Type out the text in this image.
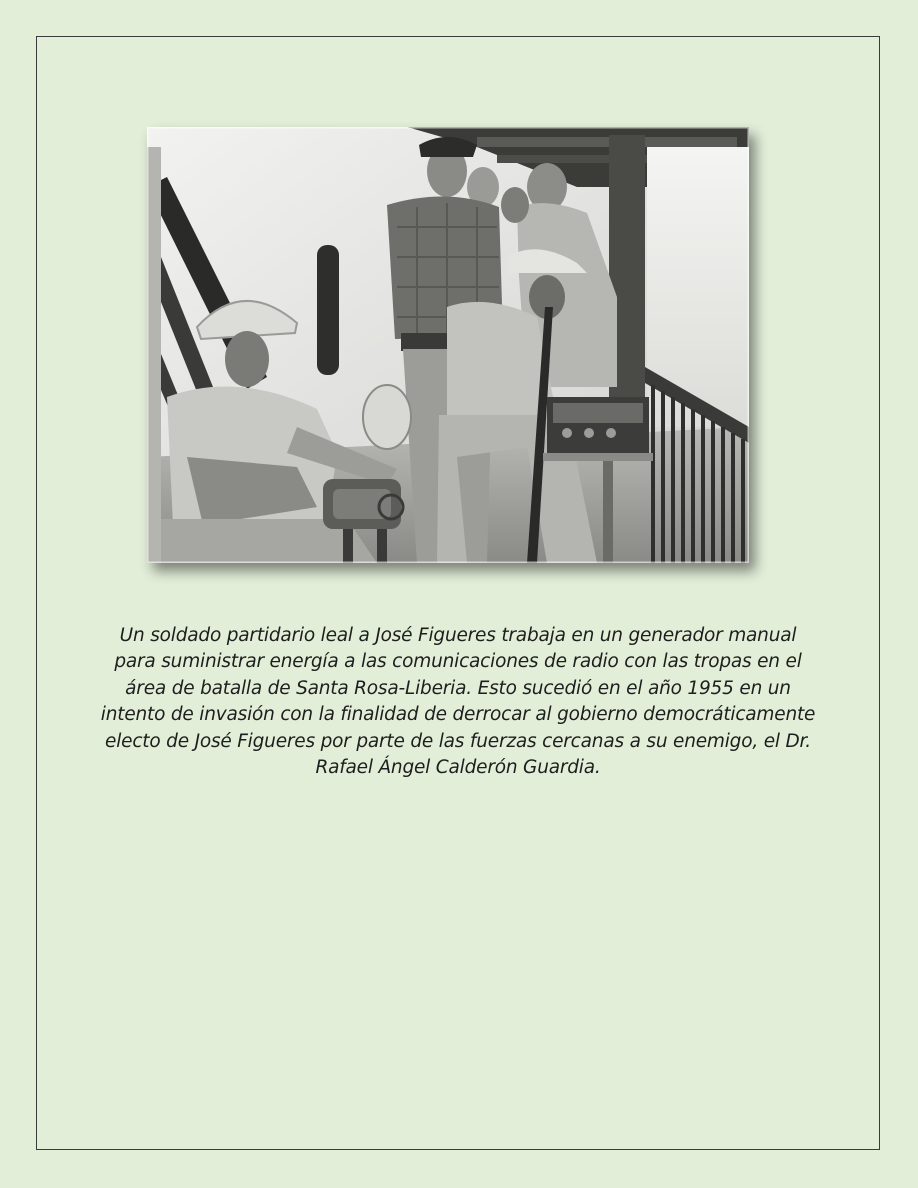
Un soldado partidario leal a José Figueres trabaja en un generador manual para suministrar energía a las comunicaciones de radio con las tropas en el área de batalla de Santa Rosa-Liberia. Esto sucedió en el año 1955 en un intento de invasión con la finalidad de derrocar al gobierno democráticamente electo de José Figueres por parte de las fuerzas cercanas a su enemigo, el Dr. Rafael Ángel Calderón Guardia.
